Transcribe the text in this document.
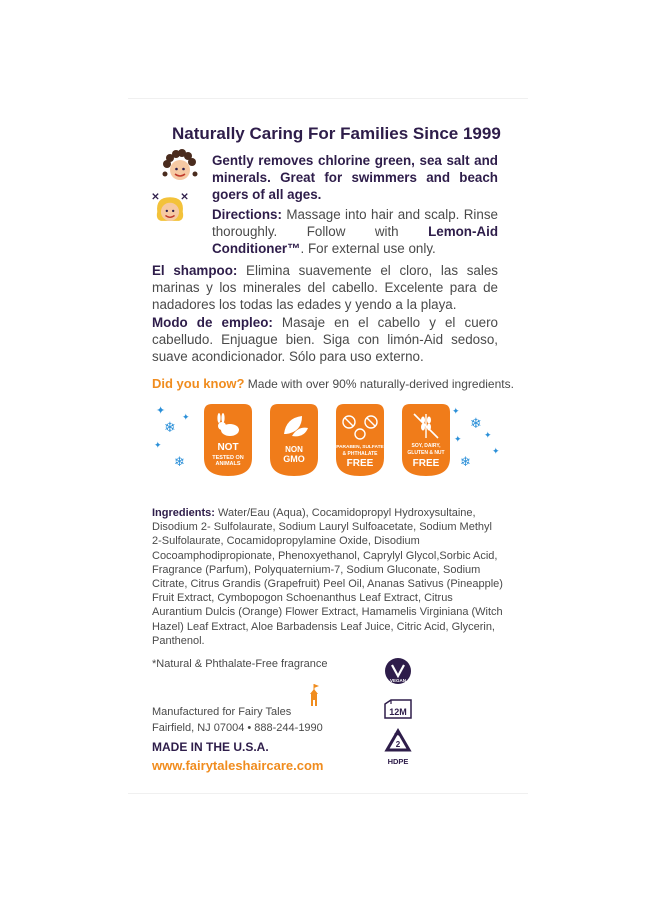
Naturally Caring For Families Since 1999
Gently removes chlorine green, sea salt and minerals. Great for swimmers and beach goers of all ages.
Directions: Massage into hair and scalp. Rinse thoroughly. Follow with Lemon-Aid Conditioner™. For external use only.
El shampoo: Elimina suavemente el cloro, las sales marinas y los minerales del cabello. Excelente para de nadadores los todas las edades y yendo a la playa.
Modo de empleo: Masaje en el cabello y el cuero cabelludo. Enjuague bien. Siga con limón-Aid sedoso, suave acondicionador. Sólo para uso externo.
Did you know? Made with over 90% naturally-derived ingredients.
✦
❄
✦
✦
❄
✦
❄
✦ ✦
❄
✦
NOT
TESTED ON
ANIMALS
NON
GMO
PARABEN, SULFATE
& PHTHALATE
FREE
SOY, DAIRY,
GLUTEN & NUT
FREE
Ingredients: Water/Eau (Aqua), Cocamidopropyl Hydroxysultaine, Disodium 2- Sulfolaurate, Sodium Lauryl Sulfoacetate, Sodium Methyl 2-Sulfolaurate, Cocamidopropylamine Oxide, Disodium Cocoamphodipropionate, Phenoxyethanol, Caprylyl Glycol,Sorbic Acid, Fragrance (Parfum), Polyquaternium-7, Sodium Gluconate, Sodium Citrate, Citrus Grandis (Grapefruit) Peel Oil, Ananas Sativus (Pineapple) Fruit Extract, Cymbopogon Schoenanthus Leaf Extract, Citrus Aurantium Dulcis (Orange) Flower Extract, Hamamelis Virginiana (Witch Hazel) Leaf Extract, Aloe Barbadensis Leaf Juice, Citric Acid, Glycerin, Panthenol.
*Natural & Phthalate-Free fragrance
Manufactured for Fairy Tales
Fairfield, NJ 07004 • 888-244-1990
MADE IN THE U.S.A.
www.fairytaleshaircare.com
VEGAN
12M
2
HDPE
